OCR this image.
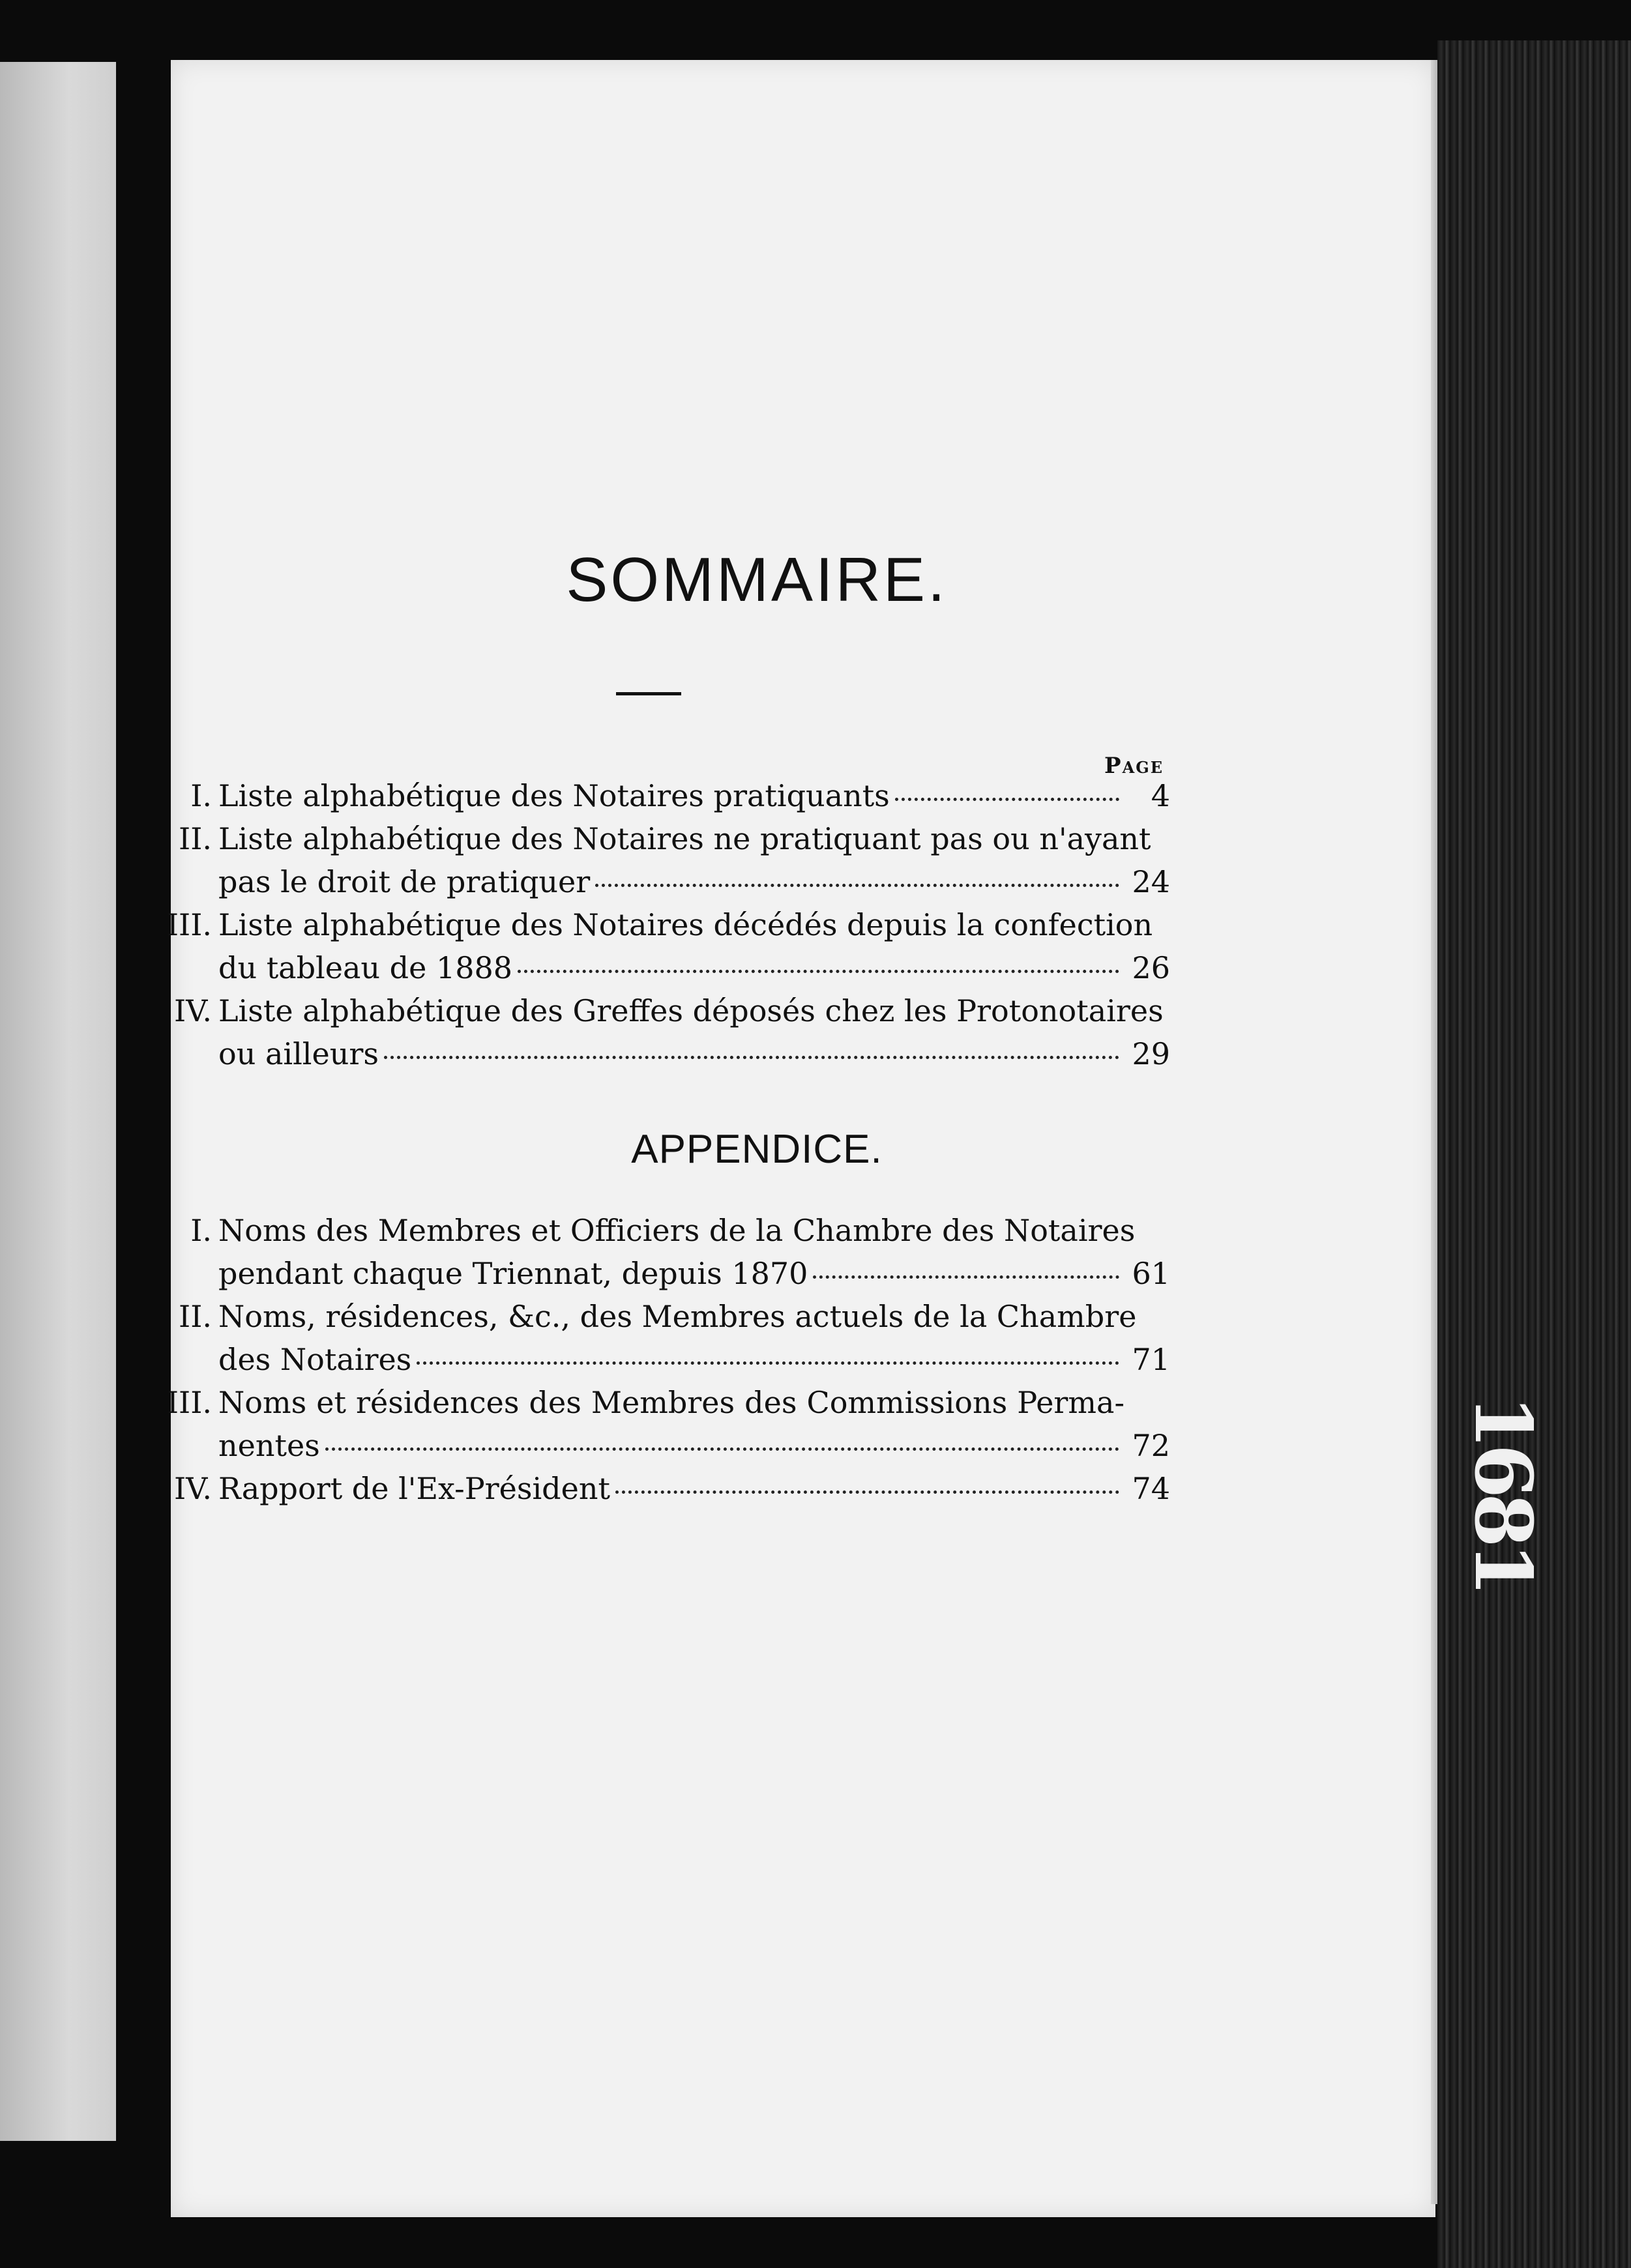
SOMMAIRE.
Page
I. Liste alphabétique des Notaires pratiquants	4
II. Liste alphabétique des Notaires ne pratiquant pas ou n'ayant
pas le droit de pratiquer	24
III. Liste alphabétique des Notaires décédés depuis la confection
du tableau de 1888	26
IV. Liste alphabétique des Greffes déposés chez les Protonotaires
ou ailleurs	29
APPENDICE.
I. Noms des Membres et Officiers de la Chambre des Notaires
pendant chaque Triennat, depuis 1870	61
II. Noms, résidences, &c., des Membres actuels de la Chambre
des Notaires	71
III. Noms et résidences des Membres des Commissions Perma-
nentes	72
IV. Rapport de l'Ex-Président	74
